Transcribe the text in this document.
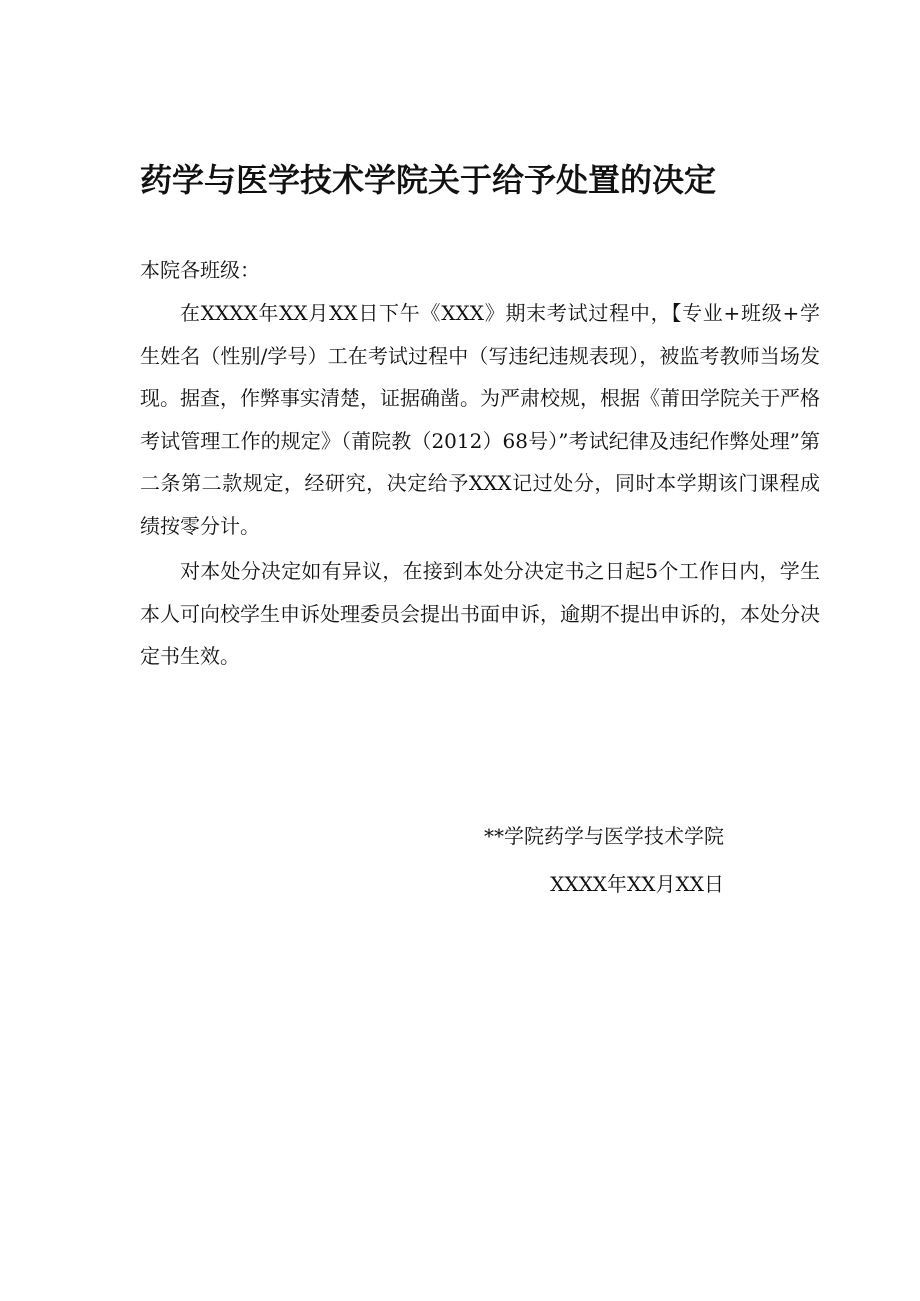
药学与医学技术学院关于给予处置的决定

本院各班级：

在XXXX年XX月XX日下午《XXX》期末考试过程中，【专业+班级+学生姓名（性别/学号）工在考试过程中（写违纪违规表现），被监考教师当场发现。据查，作弊事实清楚，证据确凿。为严肃校规，根据《莆田学院关于严格考试管理工作的规定》（莆院教（2012）68号）”考试纪律及违纪作弊处理”第二条第二款规定，经研究，决定给予XXX记过处分，同时本学期该门课程成绩按零分计。

对本处分决定如有异议，在接到本处分决定书之日起5个工作日内，学生本人可向校学生申诉处理委员会提出书面申诉，逾期不提出申诉的，本处分决定书生效。

**学院药学与医学技术学院

XXXX年XX月XX日
